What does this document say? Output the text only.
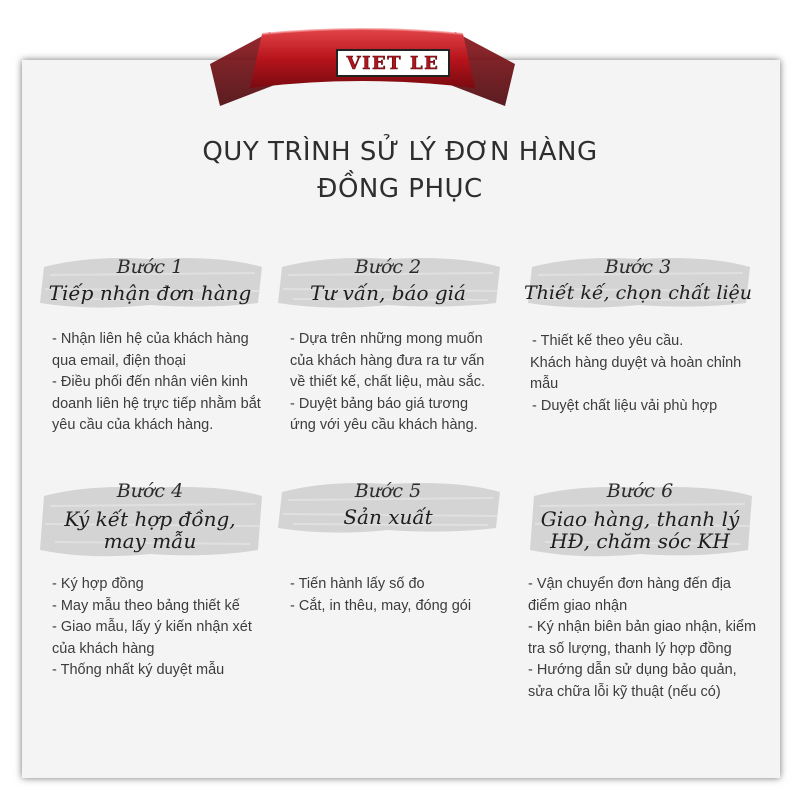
VIET LE
QUY TRÌNH SỬ LÝ ĐƠN HÀNG
ĐỒNG PHỤC
Bước 1
Tiếp nhận đơn hàng
- Nhận liên hệ của khách hàng
qua email, điện thoại
- Điều phối đến nhân viên kinh
doanh liên hệ trực tiếp nhằm bắt
yêu cầu của khách hàng.
Bước 2
Tư vấn, báo giá
- Dựa trên những mong muốn
của khách hàng đưa ra tư vấn
về thiết kế, chất liệu, màu sắc.
- Duyệt bảng báo giá tương
ứng với yêu cầu khách hàng.
Bước 3
Thiết kế, chọn chất liệu
- Thiết kế theo yêu cầu.
Khách hàng duyệt và hoàn chỉnh
mẫu
- Duyệt chất liệu vải phù hợp
Bước 4
Ký kết hợp đồng,
may mẫu
- Ký hợp đồng
- May mẫu theo bảng thiết kế
- Giao mẫu, lấy ý kiến nhận xét
của khách hàng
- Thống nhất ký duyệt mẫu
Bước 5
Sản xuất
- Tiến hành lấy số đo
- Cắt, in thêu, may, đóng gói
Bước 6
Giao hàng, thanh lý
HĐ, chăm sóc KH
- Vận chuyển đơn hàng đến địa
điểm giao nhận
- Ký nhận biên bản giao nhận, kiểm
tra số lượng, thanh lý hợp đồng
- Hướng dẫn sử dụng bảo quản,
sửa chữa lỗi kỹ thuật (nếu có)
